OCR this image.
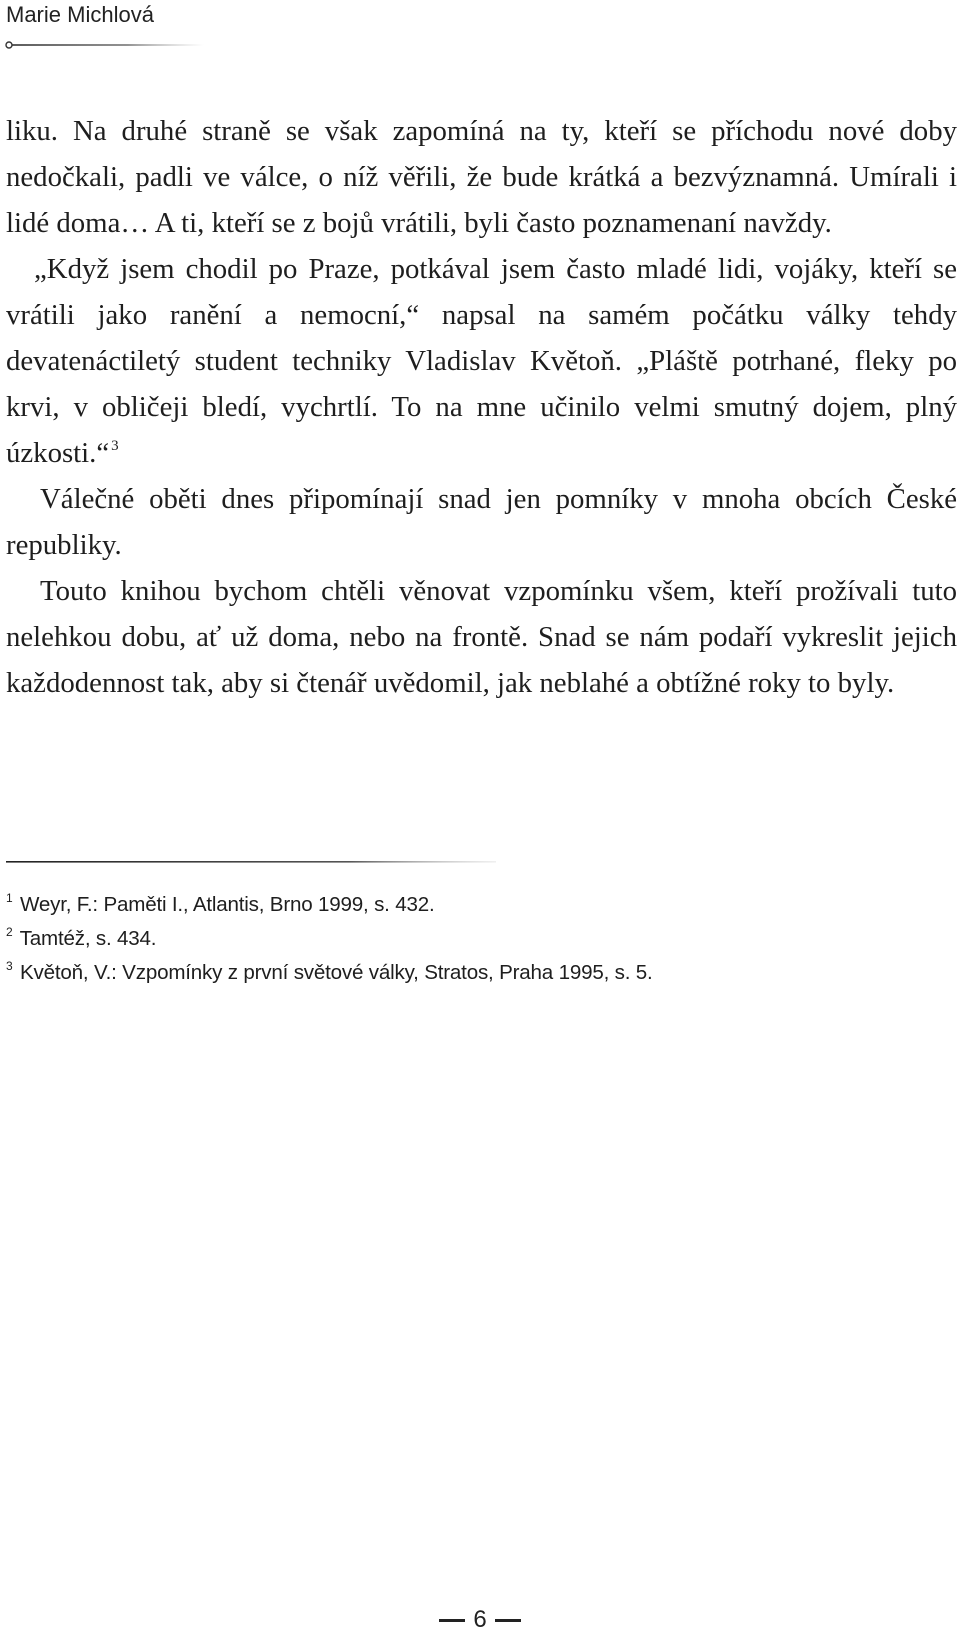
Marie Michlová

liku. Na druhé straně se však zapomíná na ty, kteří se příchodu nové doby nedočkali, padli ve válce, o níž věřili, že bude krátká a bezvýznamná. Umírali i lidé doma… A ti, kteří se z bojů vrátili, byli často poznamenaní navždy.

„Když jsem chodil po Praze, potkával jsem často mladé lidi, vojáky, kteří se vrátili jako ranění a nemocní,“ napsal na samém počátku války tehdy devatenáctiletý student techniky Vladislav Květoň. „Pláště potrhané, fleky po krvi, v obličeji bledí, vychrtlí. To na mne učinilo velmi smutný dojem, plný úzkosti.“ $^3$

Válečné oběti dnes připomínají snad jen pomníky v mnoha obcích České republiky.

Touto knihou bychom chtěli věnovat vzpomínku všem, kteří prožívali tuto nelehkou dobu, ať už doma, nebo na frontě. Snad se nám podaří vykreslit jejich každodennost tak, aby si čtenář uvědomil, jak neblahé a obtížné roky to byly.

$^1$ Weyr, F.: Paměti I., Atlantis, Brno 1999, s. 432.
$^2$ Tamtéž, s. 434.
$^3$ Květoň, V.: Vzpomínky z první světové války, Stratos, Praha 1995, s. 5.
6
